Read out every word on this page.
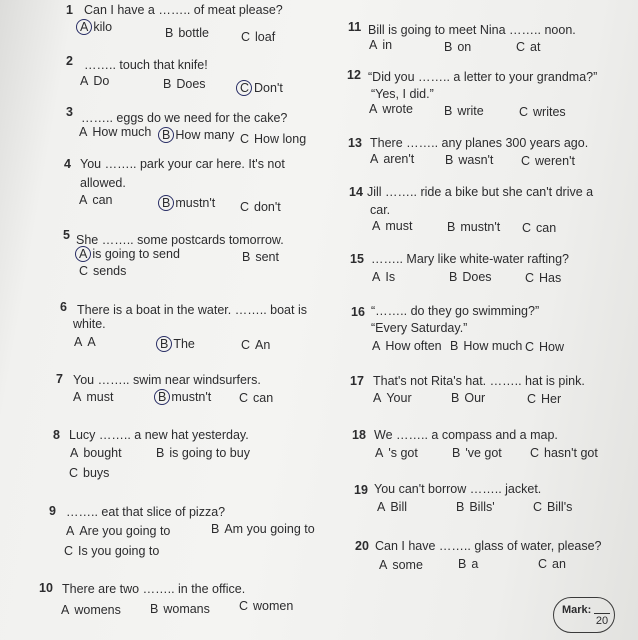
1 Can I have a …….. of meat please?
A kilo	B bottle	C loaf
2 …….. touch that knife!
A Do	B Does	C Don't
3 …….. eggs do we need for the cake?
A How much B How many C How long
4 You …….. park your car here. It's not
allowed.
A can	B mustn't C don't
5 She …….. some postcards tomorrow.
A is going to send	B sent
C sends
6 There is a boat in the water. …….. boat is
white.
A A	B The	C An
7 You …….. swim near windsurfers.
A must	B mustn't C can
8 Lucy …….. a new hat yesterday.
A bought	B is going to buy
C buys
9 …….. eat that slice of pizza?
A Are you going to	B Am you going to
C Is you going to
10 There are two …….. in the office.
A womens B womans C women
11 Bill is going to meet Nina …….. noon.
A in	B on	C at
12 “Did you …….. a letter to your grandma?”
“Yes, I did.”
A wrote B write	C writes
13 There …….. any planes 300 years ago.
A aren't B wasn't C weren't
14 Jill …….. ride a bike but she can't drive a
car.
A must	B mustn't C can
15 …….. Mary like white-water rafting?
A Is	B Does	C Has
16 “…….. do they go swimming?”
“Every Saturday.”
A How often B How much C How
17 That's not Rita's hat. …….. hat is pink.
A Your	B Our	C Her
18 We …….. a compass and a map.
A 's got	B 've got C hasn't got
19 You can't borrow …….. jacket.
A Bill	B Bills'	C Bill's
20 Can I have …….. glass of water, please?
A some	B a	C an
Mark:
20
